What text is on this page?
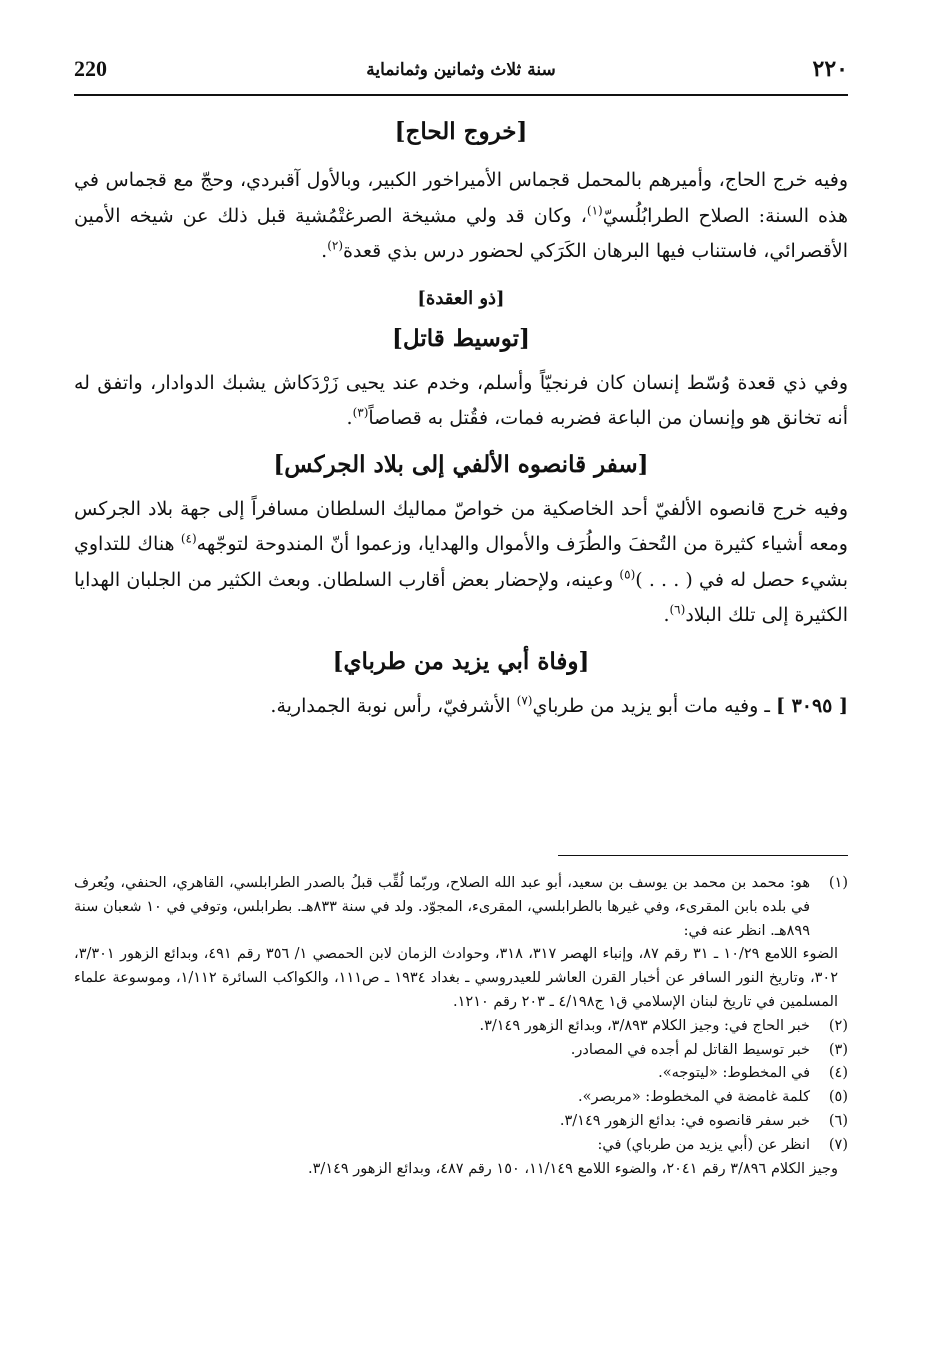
220	سنة ثلاث وثمانين وثمانماية	٢٢٠
[خروج الحاج]

وفيه خرج الحاج، وأميرهم بالمحمل قجماس الأميراخور الكبير، وبالأول آقبردي، وحجّ مع قجماس في هذه السنة: الصلاح الطرابُلُسيّ$^{(١)}$، وكان قد ولي مشيخة الصرغتْمُشية قبل ذلك عن شيخه الأمين الأقصرائي، فاستناب فيها البرهان الكَرَكي لحضور درس بذي قعدة$^{(٢)}$.

[ذو العقدة]
[توسيط قاتل]

وفي ذي قعدة وُسّط إنسان كان فرنجيّاً وأسلم، وخدم عند يحيى زَرْدَكاش يشبك الدوادار، واتفق له أنه تخانق هو وإنسان من الباعة فضربه فمات، فقُتل به قصاصاً$^{(٣)}$.

[سفر قانصوه الألفي إلى بلاد الجركس]

وفيه خرج قانصوه الألفيّ أحد الخاصكية من خواصّ مماليك السلطان مسافراً إلى جهة بلاد الجركس ومعه أشياء كثيرة من التُحفَ والطُرَف والأموال والهدايا، وزعموا أنّ المندوحة لتوجّهه$^{(٤)}$ هناك للتداوي بشيء حصل له في ( . . . )$^{(٥)}$ وعينه، ولإحضار بعض أقارب السلطان. وبعث الكثير من الجلبان الهدايا الكثيرة إلى تلك البلاد$^{(٦)}$.

[وفاة أبي يزيد من طرباي]

[ ٣٠٩٥ ] ـ وفيه مات أبو يزيد من طرباي$^{(٧)}$ الأشرفيّ، رأس نوبة الجمدارية.

(١)
هو: محمد بن محمد بن يوسف بن سعيد، أبو عبد الله الصلاح، وربّما لُقِّب قبلُ بالصدر الطرابلسي، القاهري، الحنفي، ويُعرف في بلده بابن المقرىء، وفي غيرها بالطرابلسي، المقرىء، المجوّد. ولد في سنة ٨٣٣هـ. بطرابلس، وتوفي في ١٠ شعبان سنة ٨٩٩هـ. انظر عنه في:

الضوء اللامع ١٠/٢٩ ـ ٣١ رقم ٨٧، وإنباء الهصر ٣١٧، ٣١٨، وحوادث الزمان لابن الحمصي ١/ ٣٥٦ رقم ٤٩١، وبدائع الزهور ٣/٣٠١، ٣٠٢، وتاريخ النور السافر عن أخبار القرن العاشر للعيدروسي ـ بغداد ١٩٣٤ ـ ص١١١، والكواكب السائرة ١/١١٢، وموسوعة علماء المسلمين في تاريخ لبنان الإسلامي ق١ ج٤/١٩٨ ـ ٢٠٣ رقم ١٢١٠.

(٢)
خبر الحاج في: وجيز الكلام ٣/٨٩٣، وبدائع الزهور ٣/١٤٩.
(٣)
خبر توسيط القاتل لم أجده في المصادر.
(٤)
في المخطوط: «ليتوجه».
(٥)
كلمة غامضة في المخطوط: «مربصر».
(٦)
خبر سفر قانصوه في: بدائع الزهور ٣/١٤٩.
(٧)
انظر عن (أبي يزيد من طرباي) في:

وجيز الكلام ٣/٨٩٦ رقم ٢٠٤١، والضوء اللامع ١١/١٤٩، ١٥٠ رقم ٤٨٧، وبدائع الزهور ٣/١٤٩.
